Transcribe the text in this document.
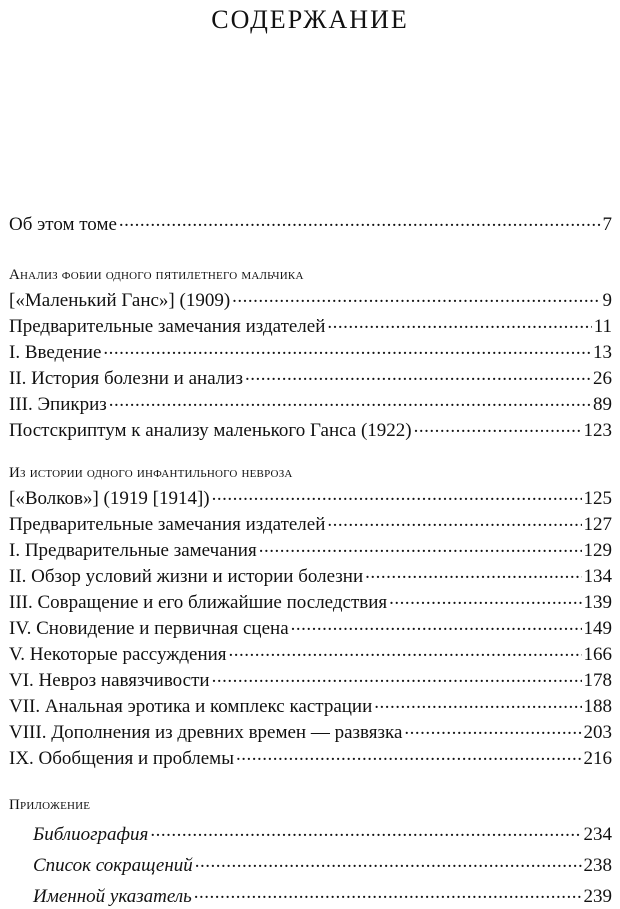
СОДЕРЖАНИЕ
Об этом томе .....	7
Анализ фобии одного пятилетнего мальчика
[«Маленький Ганс»] (1909) .....	9
Предварительные замечания издателей .....	11
I. Введение .....	13
II. История болезни и анализ .....	26
III. Эпикриз .....	89
Постскриптум к анализу маленького Ганса (1922) .....	123
Из истории одного инфантильного невроза
[«Волков»] (1919 [1914]) .....	125
Предварительные замечания издателей .....	127
I. Предварительные замечания .....	129
II. Обзор условий жизни и истории болезни .....	134
III. Совращение и его ближайшие последствия .....	139
IV. Сновидение и первичная сцена .....	149
V. Некоторые рассуждения .....	166
VI. Невроз навязчивости .....	178
VII. Анальная эротика и комплекс кастрации .....	188
VIII. Дополнения из древних времен — развязка .....	203
IX. Обобщения и проблемы .....	216
Приложение
Библиография .....	234
Список сокращений .....	238
Именной указатель .....	239
